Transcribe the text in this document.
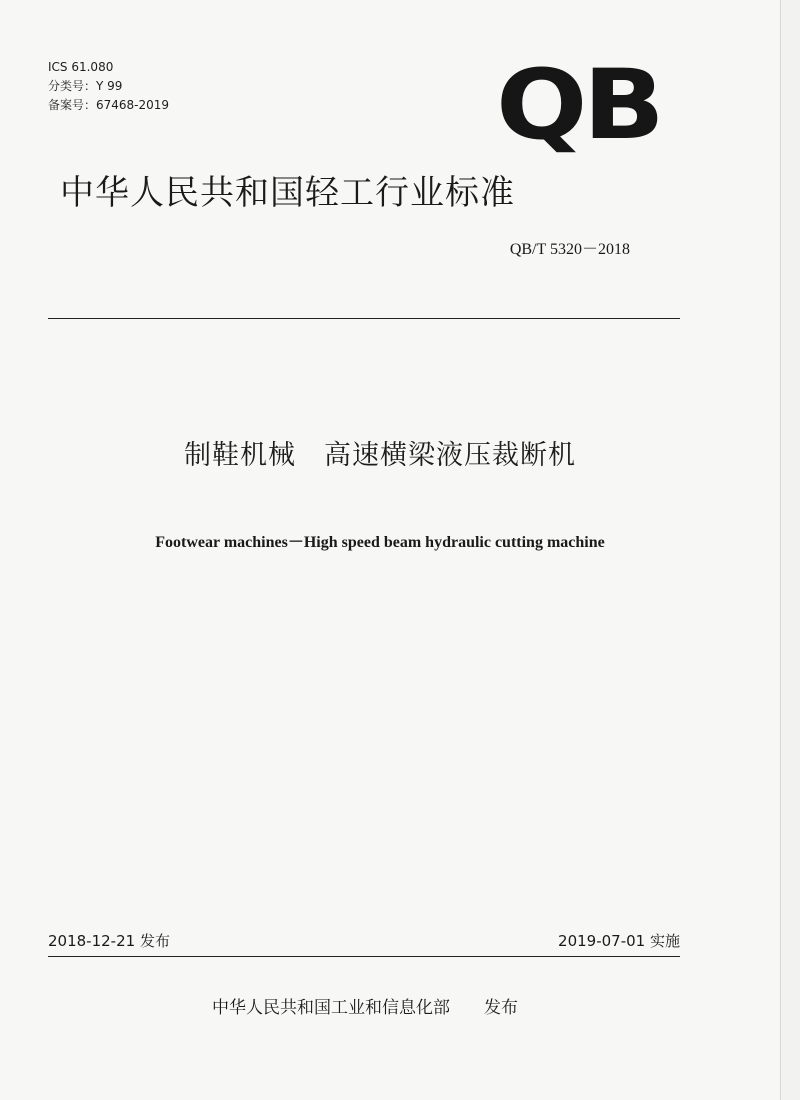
ICS 61.080
分类号：Y 99
备案号：67468-2019	QB
中华人民共和国轻工行业标准
QB/T 5320－2018
制鞋机械　高速横梁液压裁断机
Footwear machines－High speed beam hydraulic cutting machine
2018-12-21 发布	2019-07-01 实施
中华人民共和国工业和信息化部　　发布
